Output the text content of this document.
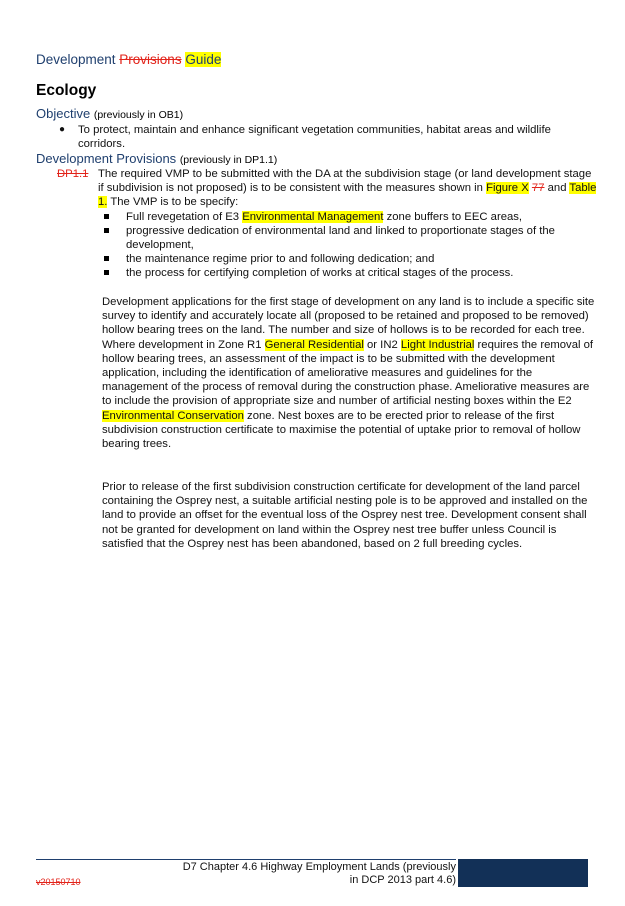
Development Provisions Guide
Ecology
Objective (previously in OB1)
● To protect, maintain and enhance significant vegetation communities, habitat areas and wildlife corridors.
Development Provisions (previously in DP1.1)
DP1.1 The required VMP to be submitted with the DA at the subdivision stage (or land development stage if subdivision is not proposed) is to be consistent with the measures shown in Figure X 77 and Table 1. The VMP is to be specify:
Full revegetation of E3 Environmental Management zone buffers to EEC areas,
progressive dedication of environmental land and linked to proportionate stages of the development,
the maintenance regime prior to and following dedication; and
the process for certifying completion of works at critical stages of the process.
Development applications for the first stage of development on any land is to include a specific site survey to identify and accurately locate all (proposed to be retained and proposed to be removed) hollow bearing trees on the land. The number and size of hollows is to be recorded for each tree. Where development in Zone R1 General Residential or IN2 Light Industrial requires the removal of hollow bearing trees, an assessment of the impact is to be submitted with the development application, including the identification of ameliorative measures and guidelines for the management of the process of removal during the construction phase. Ameliorative measures are to include the provision of appropriate size and number of artificial nesting boxes within the E2 Environmental Conservation zone. Nest boxes are to be erected prior to release of the first subdivision construction certificate to maximise the potential of uptake prior to removal of hollow bearing trees.
Prior to release of the first subdivision construction certificate for development of the land parcel containing the Osprey nest, a suitable artificial nesting pole is to be approved and installed on the land to provide an offset for the eventual loss of the Osprey nest tree. Development consent shall not be granted for development on land within the Osprey nest tree buffer unless Council is satisfied that the Osprey nest has been abandoned, based on 2 full breeding cycles.
D7 Chapter 4.6 Highway Employment Lands (previously
in DCP 2013 part 4.6)
v20150710
